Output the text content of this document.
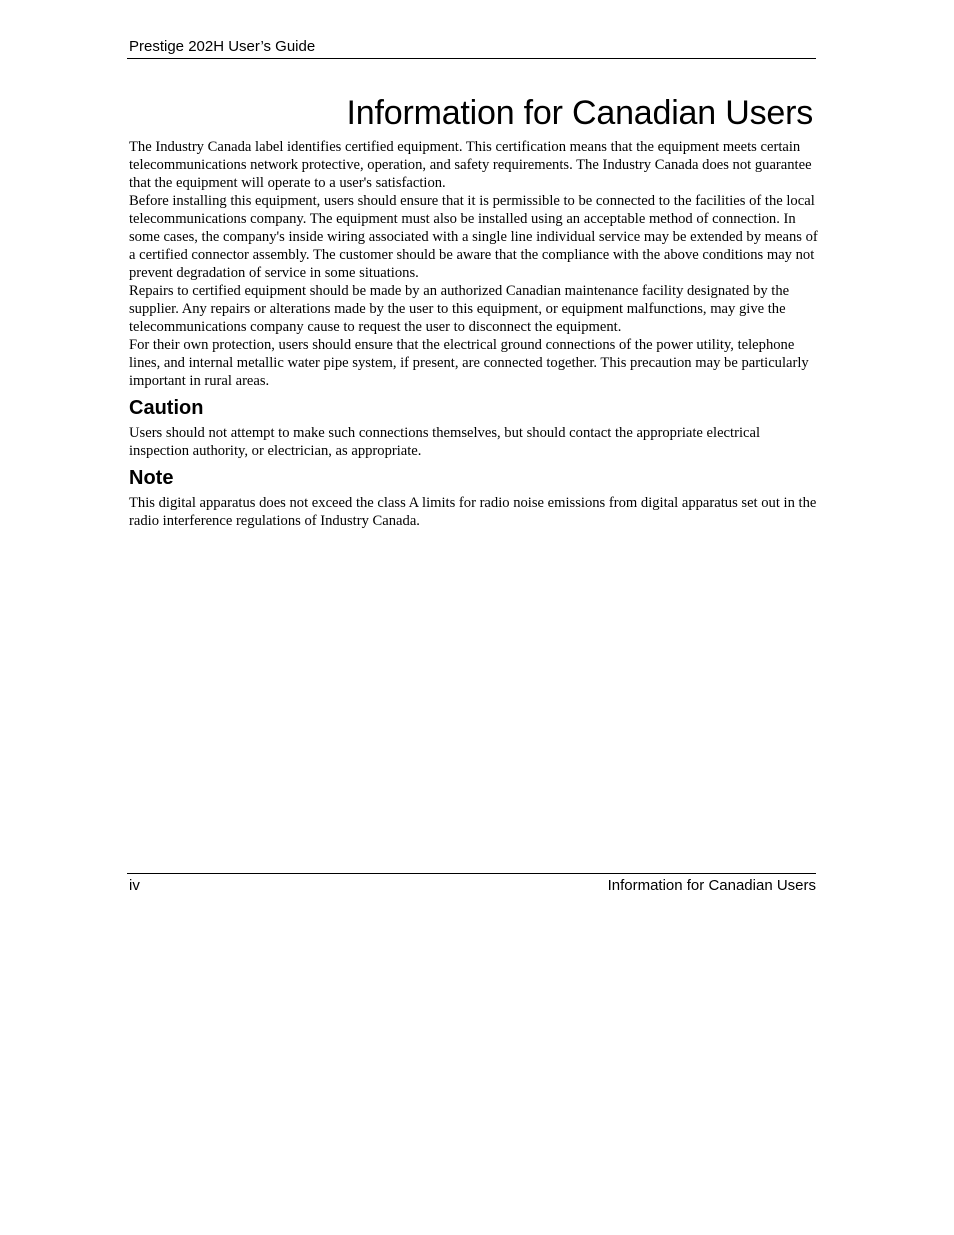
Prestige 202H User’s Guide
Information for Canadian Users

The Industry Canada label identifies certified equipment. This certification means that the equipment meets certain telecommunications network protective, operation, and safety requirements. The Industry Canada does not guarantee that the equipment will operate to a user's satisfaction.

Before installing this equipment, users should ensure that it is permissible to be connected to the facilities of the local telecommunications company. The equipment must also be installed using an acceptable method of connection. In some cases, the company's inside wiring associated with a single line individual service may be extended by means of a certified connector assembly. The customer should be aware that the compliance with the above conditions may not prevent degradation of service in some situations.

Repairs to certified equipment should be made by an authorized Canadian maintenance facility designated by the supplier. Any repairs or alterations made by the user to this equipment, or equipment malfunctions, may give the telecommunications company cause to request the user to disconnect the equipment.

For their own protection, users should ensure that the electrical ground connections of the power utility, telephone lines, and internal metallic water pipe system, if present, are connected together. This precaution may be particularly important in rural areas.

Caution

Users should not attempt to make such connections themselves, but should contact the appropriate electrical inspection authority, or electrician, as appropriate.

Note

This digital apparatus does not exceed the class A limits for radio noise emissions from digital apparatus set out in the radio interference regulations of Industry Canada.

iv	Information for Canadian Users
